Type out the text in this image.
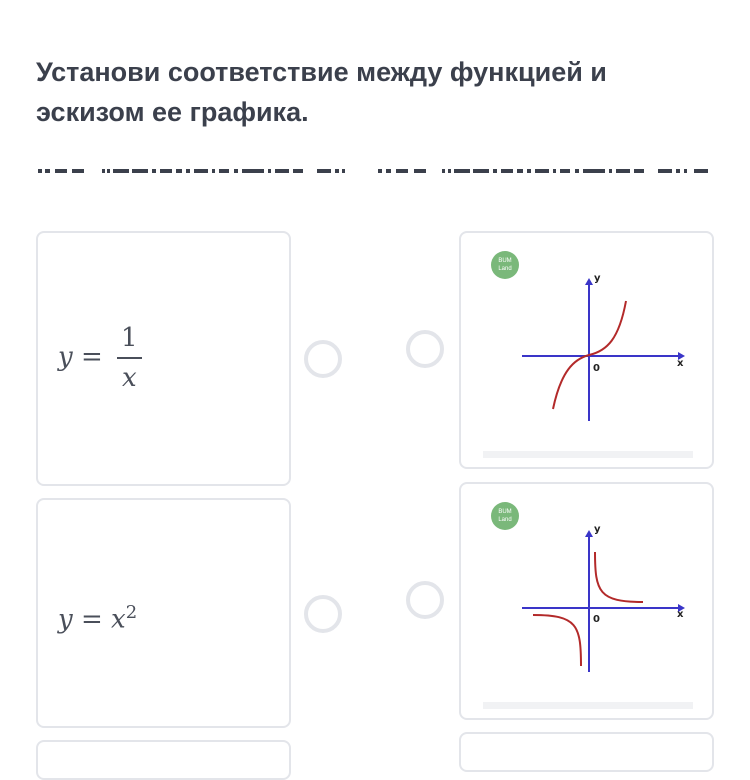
Установи соответствие между функцией и эскизом ее графика.
$y = \frac{1}{x}$
BUM
Land
y
x
0
$y = x^2$
BUM
Land
y
x
0
